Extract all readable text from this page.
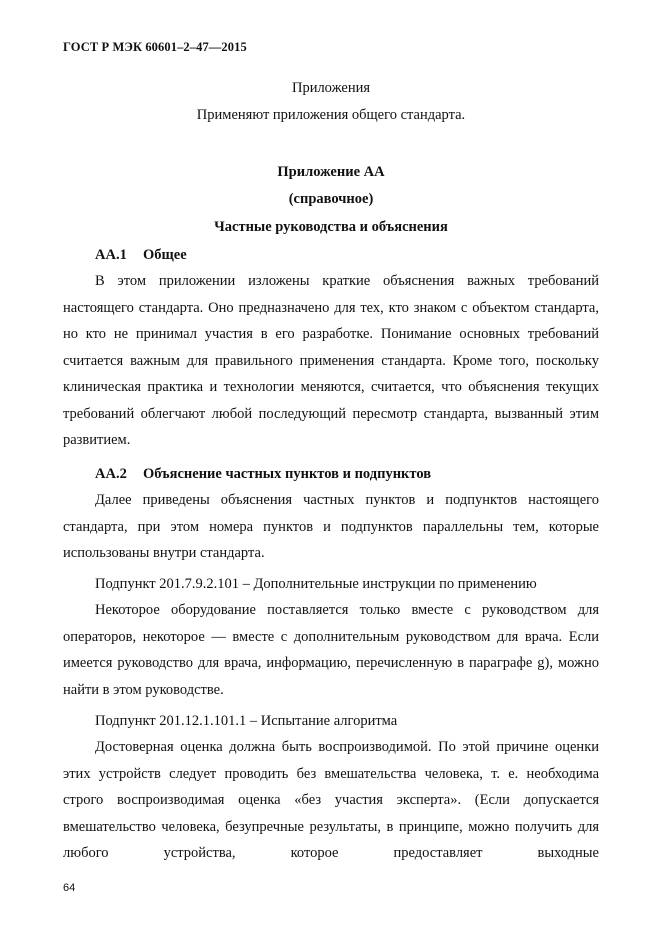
ГОСТ Р МЭК 60601–2–47—2015
Приложения
Применяют приложения общего стандарта.
Приложение АА
(справочное)
Частные руководства и объяснения
АА.1 Общее
В этом приложении изложены краткие объяснения важных требований настоящего стандарта. Оно предназначено для тех, кто знаком с объектом стандарта, но кто не принимал участия в его разработке. Понимание основных требований считается важным для правильного применения стандарта. Кроме того, поскольку клиническая практика и технологии меняются, считается, что объяснения текущих требований облегчают любой последующий пересмотр стандарта, вызванный этим развитием.
АА.2 Объяснение частных пунктов и подпунктов
Далее приведены объяснения частных пунктов и подпунктов настоящего стандарта, при этом номера пунктов и подпунктов параллельны тем, которые использованы внутри стандарта.
Подпункт 201.7.9.2.101 – Дополнительные инструкции по применению
Некоторое оборудование поставляется только вместе с руководством для операторов, некоторое — вместе с дополнительным руководством для врача. Если имеется руководство для врача, информацию, перечисленную в параграфе g), можно найти в этом руководстве.
Подпункт 201.12.1.101.1 – Испытание алгоритма
Достоверная оценка должна быть воспроизводимой. По этой причине оценки этих устройств следует проводить без вмешательства человека, т. е. необходима строго воспроизводимая оценка «без участия эксперта». (Если допускается вмешательство человека, безупречные результаты, в принципе, можно получить для любого устройства, которое предоставляет выходные
64
